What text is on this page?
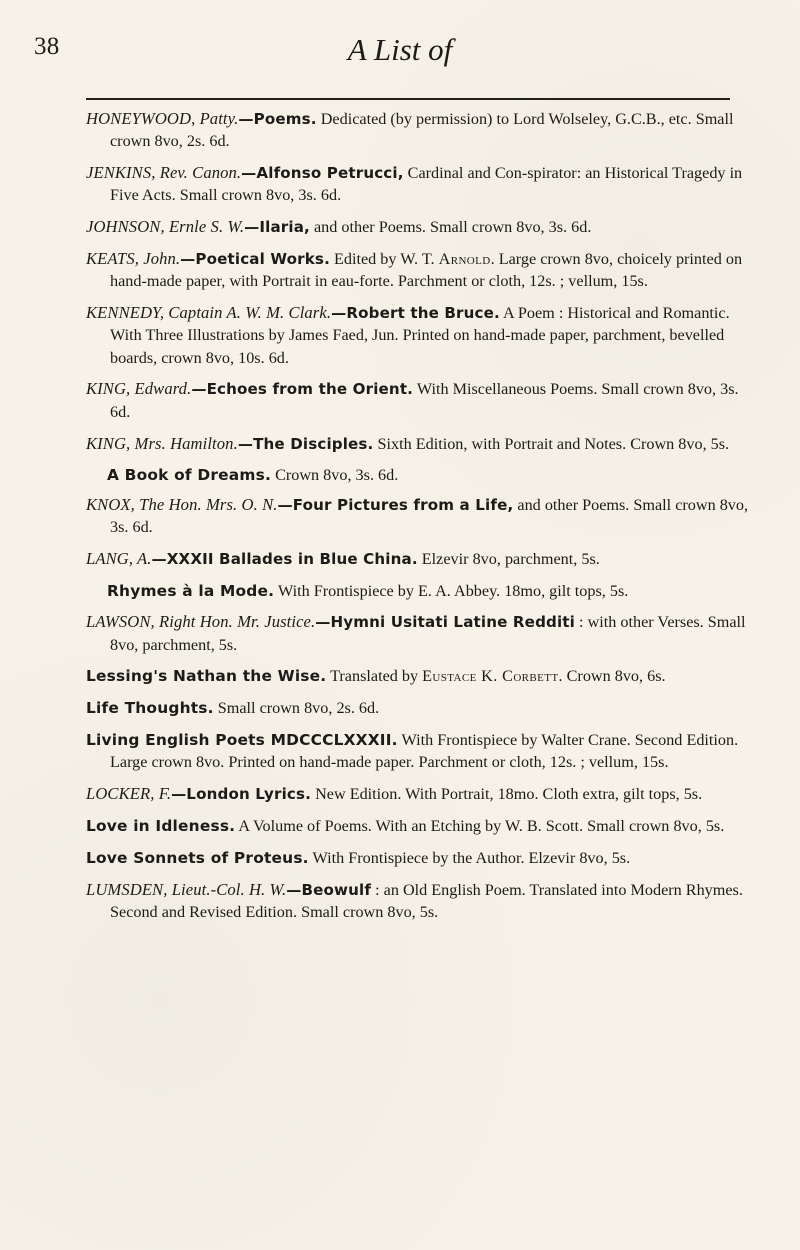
38	A List of
HONEYWOOD, Patty.—Poems. Dedicated (by permission) to Lord Wolseley, G.C.B., etc. Small crown 8vo, 2s. 6d.
JENKINS, Rev. Canon.—Alfonso Petrucci, Cardinal and Con-spirator: an Historical Tragedy in Five Acts. Small crown 8vo, 3s. 6d.
JOHNSON, Ernle S. W.—Ilaria, and other Poems. Small crown 8vo, 3s. 6d.
KEATS, John.—Poetical Works. Edited by W. T. Arnold. Large crown 8vo, choicely printed on hand-made paper, with Portrait in eau-forte. Parchment or cloth, 12s. ; vellum, 15s.
KENNEDY, Captain A. W. M. Clark.—Robert the Bruce. A Poem : Historical and Romantic. With Three Illustrations by James Faed, Jun. Printed on hand-made paper, parchment, bevelled boards, crown 8vo, 10s. 6d.
KING, Edward.—Echoes from the Orient. With Miscellaneous Poems. Small crown 8vo, 3s. 6d.
KING, Mrs. Hamilton.—The Disciples. Sixth Edition, with Portrait and Notes. Crown 8vo, 5s.
A Book of Dreams. Crown 8vo, 3s. 6d.
KNOX, The Hon. Mrs. O. N.—Four Pictures from a Life, and other Poems. Small crown 8vo, 3s. 6d.
LANG, A.—XXXII Ballades in Blue China. Elzevir 8vo, parchment, 5s.
Rhymes à la Mode. With Frontispiece by E. A. Abbey. 18mo, gilt tops, 5s.
LAWSON, Right Hon. Mr. Justice.—Hymni Usitati Latine Redditi : with other Verses. Small 8vo, parchment, 5s.
Lessing's Nathan the Wise. Translated by Eustace K. Corbett. Crown 8vo, 6s.
Life Thoughts. Small crown 8vo, 2s. 6d.
Living English Poets MDCCCLXXXII. With Frontispiece by Walter Crane. Second Edition. Large crown 8vo. Printed on hand-made paper. Parchment or cloth, 12s. ; vellum, 15s.
LOCKER, F.—London Lyrics. New Edition. With Portrait, 18mo. Cloth extra, gilt tops, 5s.
Love in Idleness. A Volume of Poems. With an Etching by W. B. Scott. Small crown 8vo, 5s.
Love Sonnets of Proteus. With Frontispiece by the Author. Elzevir 8vo, 5s.
LUMSDEN, Lieut.-Col. H. W.—Beowulf : an Old English Poem. Translated into Modern Rhymes. Second and Revised Edition. Small crown 8vo, 5s.
